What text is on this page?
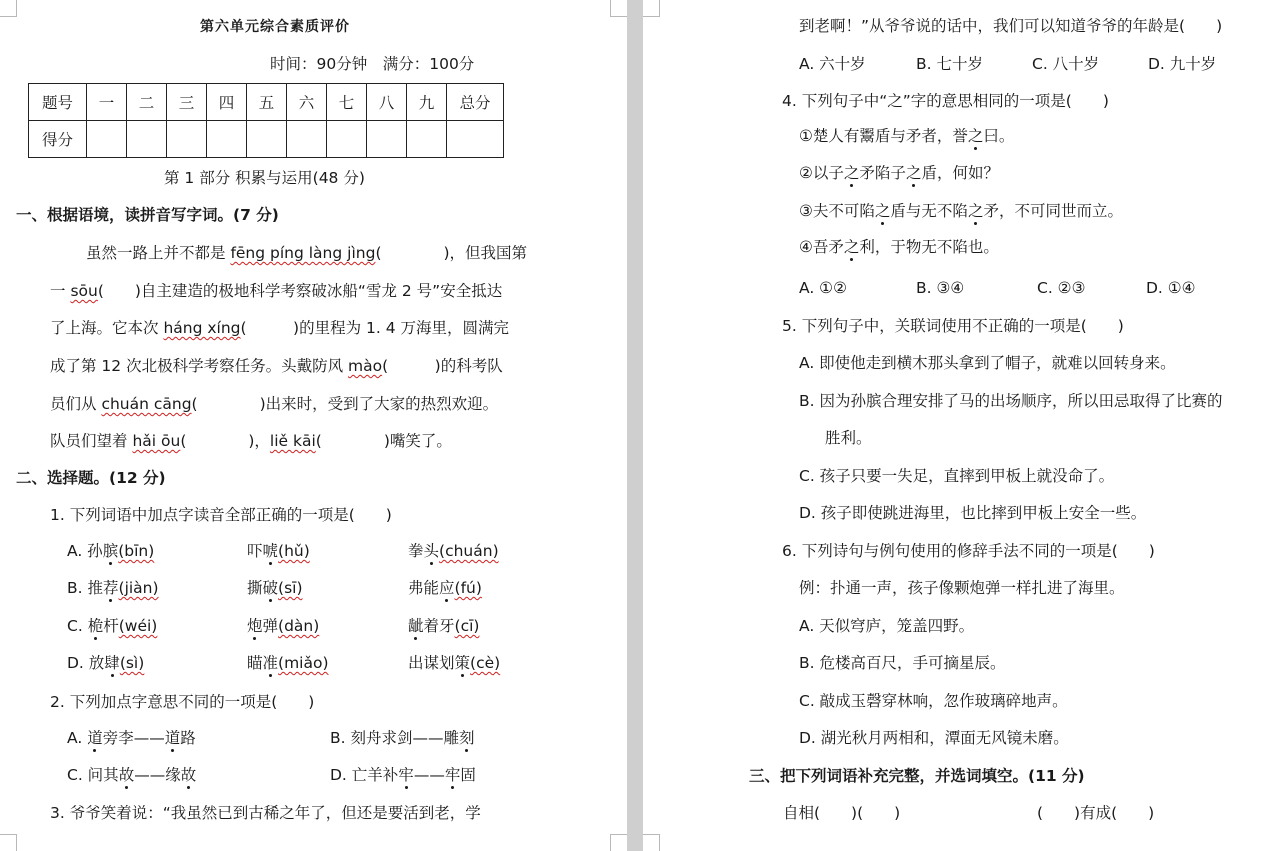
第六单元综合素质评价
时间：90分钟　满分：100分
题号	一	二	三	四	五	六	七	八	九	总分
得分										
第 1 部分 积累与运用(48 分)
一、根据语境，读拼音写字词。(7 分)
虽然一路上并不都是 fēng píng làng jìng(　　　　)，但我国第
一 sōu(　　)自主建造的极地科学考察破冰船“雪龙 2 号”安全抵达
了上海。它本次 háng xíng(　　　)的里程为 1. 4 万海里，圆满完
成了第 12 次北极科学考察任务。头戴防风 mào(　　　)的科考队
员们从 chuán cāng(　　　　)出来时，受到了大家的热烈欢迎。
队员们望着 hǎi ōu(　　　　)，liě kāi(　　　　)嘴笑了。
二、选择题。(12 分)
1. 下列词语中加点字读音全部正确的一项是(　　)
A. 孙膑(bīn)	吓唬(hǔ)	拳头(chuán)
B. 推荐(jiàn)	撕破(sī)	弗能应(fú)
C. 桅杆(wéi)	炮弹(dàn)	龇着牙(cī)
D. 放肆(sì)	瞄准(miǎo)	出谋划策(cè)
2. 下列加点字意思不同的一项是(　　)
A. 道旁李——道路	B. 刻舟求剑——雕刻
C. 问其故——缘故	D. 亡羊补牢——牢固
3. 爷爷笑着说：“我虽然已到古稀之年了，但还是要活到老，学
到老啊！”从爷爷说的话中，我们可以知道爷爷的年龄是(　　)
A. 六十岁	B. 七十岁	C. 八十岁	D. 九十岁
4. 下列句子中“之”字的意思相同的一项是(　　)
①楚人有鬻盾与矛者，誉之曰。
②以子之矛陷子之盾，何如？
③夫不可陷之盾与无不陷之矛，不可同世而立。
④吾矛之利，于物无不陷也。
A. ①②	B. ③④	C. ②③	D. ①④
5. 下列句子中，关联词使用不正确的一项是(　　)
A. 即使他走到横木那头拿到了帽子，就难以回转身来。
B. 因为孙膑合理安排了马的出场顺序，所以田忌取得了比赛的
胜利。
C. 孩子只要一失足，直摔到甲板上就没命了。
D. 孩子即使跳进海里，也比摔到甲板上安全一些。
6. 下列诗句与例句使用的修辞手法不同的一项是(　　)
例：扑通一声，孩子像颗炮弹一样扎进了海里。
A. 天似穹庐，笼盖四野。
B. 危楼高百尺，手可摘星辰。
C. 敲成玉磬穿林响，忽作玻璃碎地声。
D. 湖光秋月两相和，潭面无风镜未磨。
三、把下列词语补充完整，并选词填空。(11 分)
自相(　　)(　　)	(　　)有成(　　)
